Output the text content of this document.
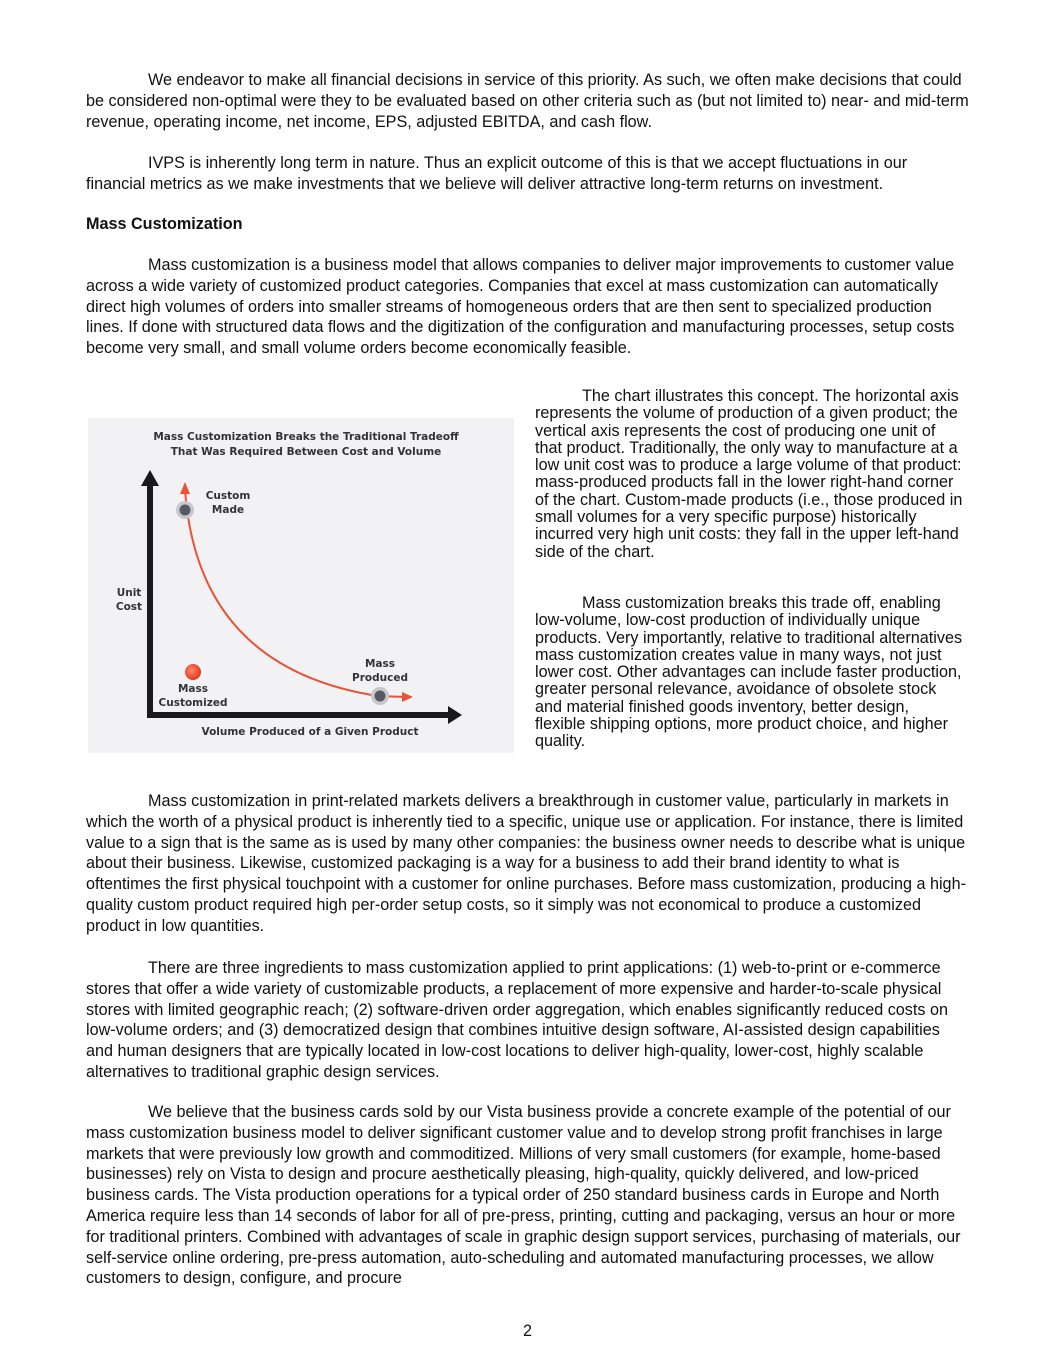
We endeavor to make all financial decisions in service of this priority. As such, we often make decisions that could be considered non-optimal were they to be evaluated based on other criteria such as (but not limited to) near- and mid-term revenue, operating income, net income, EPS, adjusted EBITDA, and cash flow.

IVPS is inherently long term in nature. Thus an explicit outcome of this is that we accept fluctuations in our financial metrics as we make investments that we believe will deliver attractive long-term returns on investment.

Mass Customization

Mass customization is a business model that allows companies to deliver major improvements to customer value across a wide variety of customized product categories. Companies that excel at mass customization can automatically direct high volumes of orders into smaller streams of homogeneous orders that are then sent to specialized production lines. If done with structured data flows and the digitization of the configuration and manufacturing processes, setup costs become very small, and small volume orders become economically feasible.

Mass Customization Breaks the Traditional Tradeoff
That Was Required Between Cost and Volume
Custom
Made
Unit
Cost
Mass
Produced
Mass
Customized
Volume Produced of a Given Product

The chart illustrates this concept. The horizontal axis represents the volume of production of a given product; the vertical axis represents the cost of producing one unit of that product. Traditionally, the only way to manufacture at a low unit cost was to produce a large volume of that product: mass-produced products fall in the lower right-hand corner of the chart. Custom-made products (i.e., those produced in small volumes for a very specific purpose) historically incurred very high unit costs: they fall in the upper left-hand side of the chart.

Mass customization breaks this trade off, enabling low-volume, low-cost production of individually unique products. Very importantly, relative to traditional alternatives mass customization creates value in many ways, not just lower cost. Other advantages can include faster production, greater personal relevance, avoidance of obsolete stock and material finished goods inventory, better design, flexible shipping options, more product choice, and higher quality.

Mass customization in print-related markets delivers a breakthrough in customer value, particularly in markets in which the worth of a physical product is inherently tied to a specific, unique use or application. For instance, there is limited value to a sign that is the same as is used by many other companies: the business owner needs to describe what is unique about their business. Likewise, customized packaging is a way for a business to add their brand identity to what is oftentimes the first physical touchpoint with a customer for online purchases. Before mass customization, producing a high-quality custom product required high per-order setup costs, so it simply was not economical to produce a customized product in low quantities.

There are three ingredients to mass customization applied to print applications: (1) web-to-print or e-commerce stores that offer a wide variety of customizable products, a replacement of more expensive and harder-to-scale physical stores with limited geographic reach; (2) software-driven order aggregation, which enables significantly reduced costs on low-volume orders; and (3) democratized design that combines intuitive design software, AI-assisted design capabilities and human designers that are typically located in low-cost locations to deliver high-quality, lower-cost, highly scalable alternatives to traditional graphic design services.

We believe that the business cards sold by our Vista business provide a concrete example of the potential of our mass customization business model to deliver significant customer value and to develop strong profit franchises in large markets that were previously low growth and commoditized. Millions of very small customers (for example, home-based businesses) rely on Vista to design and procure aesthetically pleasing, high-quality, quickly delivered, and low-priced business cards. The Vista production operations for a typical order of 250 standard business cards in Europe and North America require less than 14 seconds of labor for all of pre-press, printing, cutting and packaging, versus an hour or more for traditional printers. Combined with advantages of scale in graphic design support services, purchasing of materials, our self-service online ordering, pre-press automation, auto-scheduling and automated manufacturing processes, we allow customers to design, configure, and procure

2
